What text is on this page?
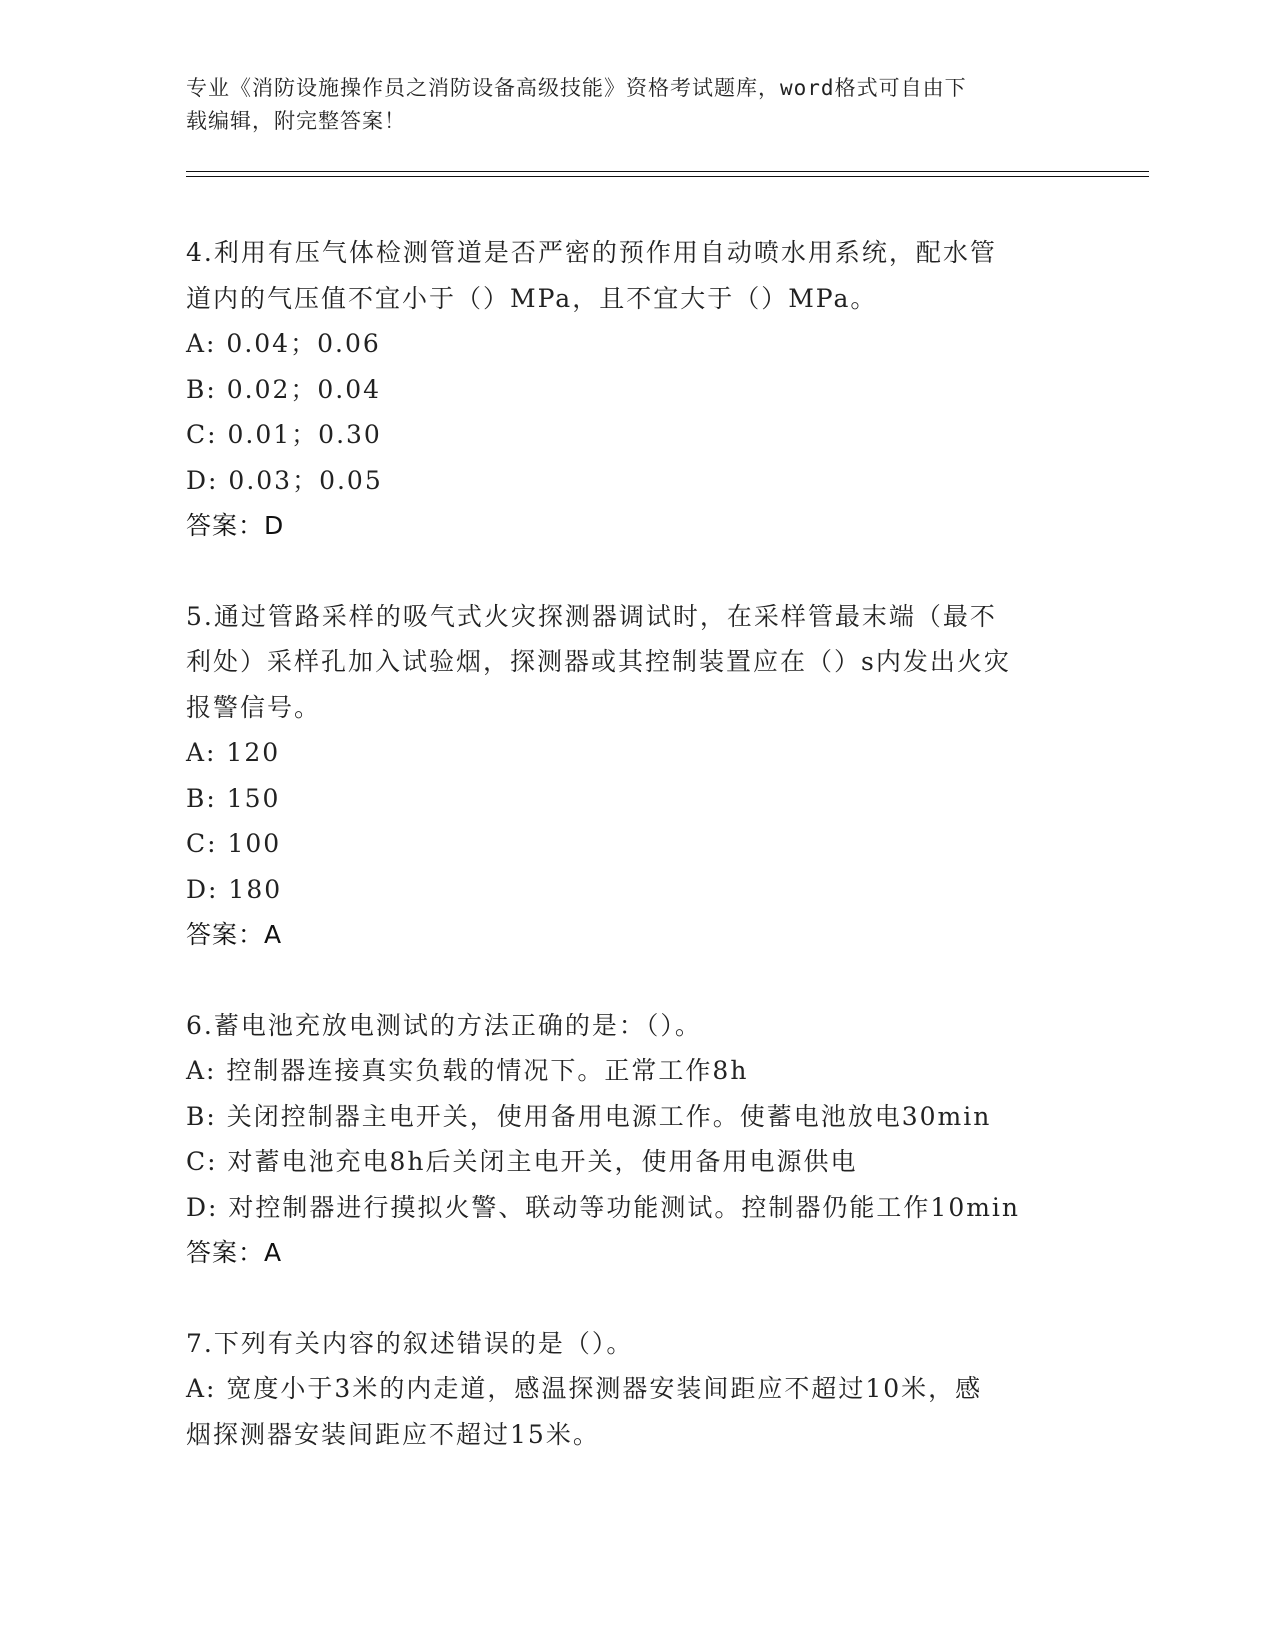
专业《消防设施操作员之消防设备高级技能》资格考试题库，word格式可自由下
载编辑，附完整答案！
4.利用有压气体检测管道是否严密的预作用自动喷水用系统，配水管
道内的气压值不宜小于（）MPa，且不宜大于（）MPa。
A: 0.04；0.06
B: 0.02；0.04
C: 0.01；0.30
D: 0.03；0.05
答案：D
5.通过管路采样的吸气式火灾探测器调试时，在采样管最末端（最不
利处）采样孔加入试验烟，探测器或其控制装置应在（）s内发出火灾
报警信号。
A: 120
B: 150
C: 100
D: 180
答案：A
6.蓄电池充放电测试的方法正确的是：（）。
A: 控制器连接真实负载的情况下。正常工作8h
B: 关闭控制器主电开关，使用备用电源工作。使蓄电池放电30min
C: 对蓄电池充电8h后关闭主电开关，使用备用电源供电
D: 对控制器进行摸拟火警、联动等功能测试。控制器仍能工作10min
答案：A
7.下列有关内容的叙述错误的是（）。
A: 宽度小于3米的内走道，感温探测器安装间距应不超过10米，感
烟探测器安装间距应不超过15米。
